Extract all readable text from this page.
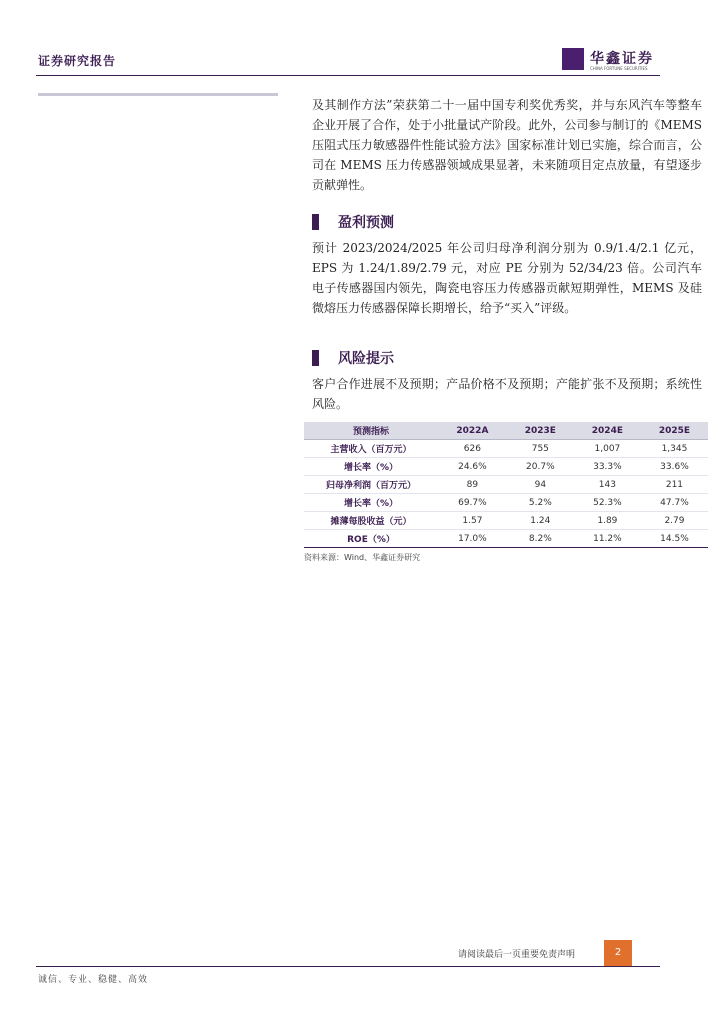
证券研究报告	华鑫证券
CHINA FORTUNE SECURITIES

及其制作方法”荣获第二十一届中国专利奖优秀奖，并与东风汽车等整车企业开展了合作，处于小批量试产阶段。此外，公司参与制订的《MEMS 压阻式压力敏感器件性能试验方法》国家标准计划已实施，综合而言，公司在 MEMS 压力传感器领域成果显著，未来随项目定点放量，有望逐步贡献弹性。

盈利预测
预计 2023/2024/2025 年公司归母净利润分别为 0.9/1.4/2.1 亿元，EPS 为 1.24/1.89/2.79 元，对应 PE 分别为 52/34/23 倍。公司汽车电子传感器国内领先，陶瓷电容压力传感器贡献短期弹性，MEMS 及硅微熔压力传感器保障长期增长，给予“买入”评级。
风险提示
客户合作进展不及预期；产品价格不及预期；产能扩张不及预期；系统性风险。
预测指标	2022A	2023E	2024E	2025E
主营收入（百万元）	626	755	1,007	1,345
增长率（%）	24.6%	20.7%	33.3%	33.6%
归母净利润（百万元）	89	94	143	211
增长率（%）	69.7%	5.2%	52.3%	47.7%
摊薄每股收益（元）	1.57	1.24	1.89	2.79
ROE（%）	17.0%	8.2%	11.2%	14.5%
资料来源：Wind、华鑫证券研究
请阅读最后一页重要免责声明	2
诚信、专业、稳健、高效
